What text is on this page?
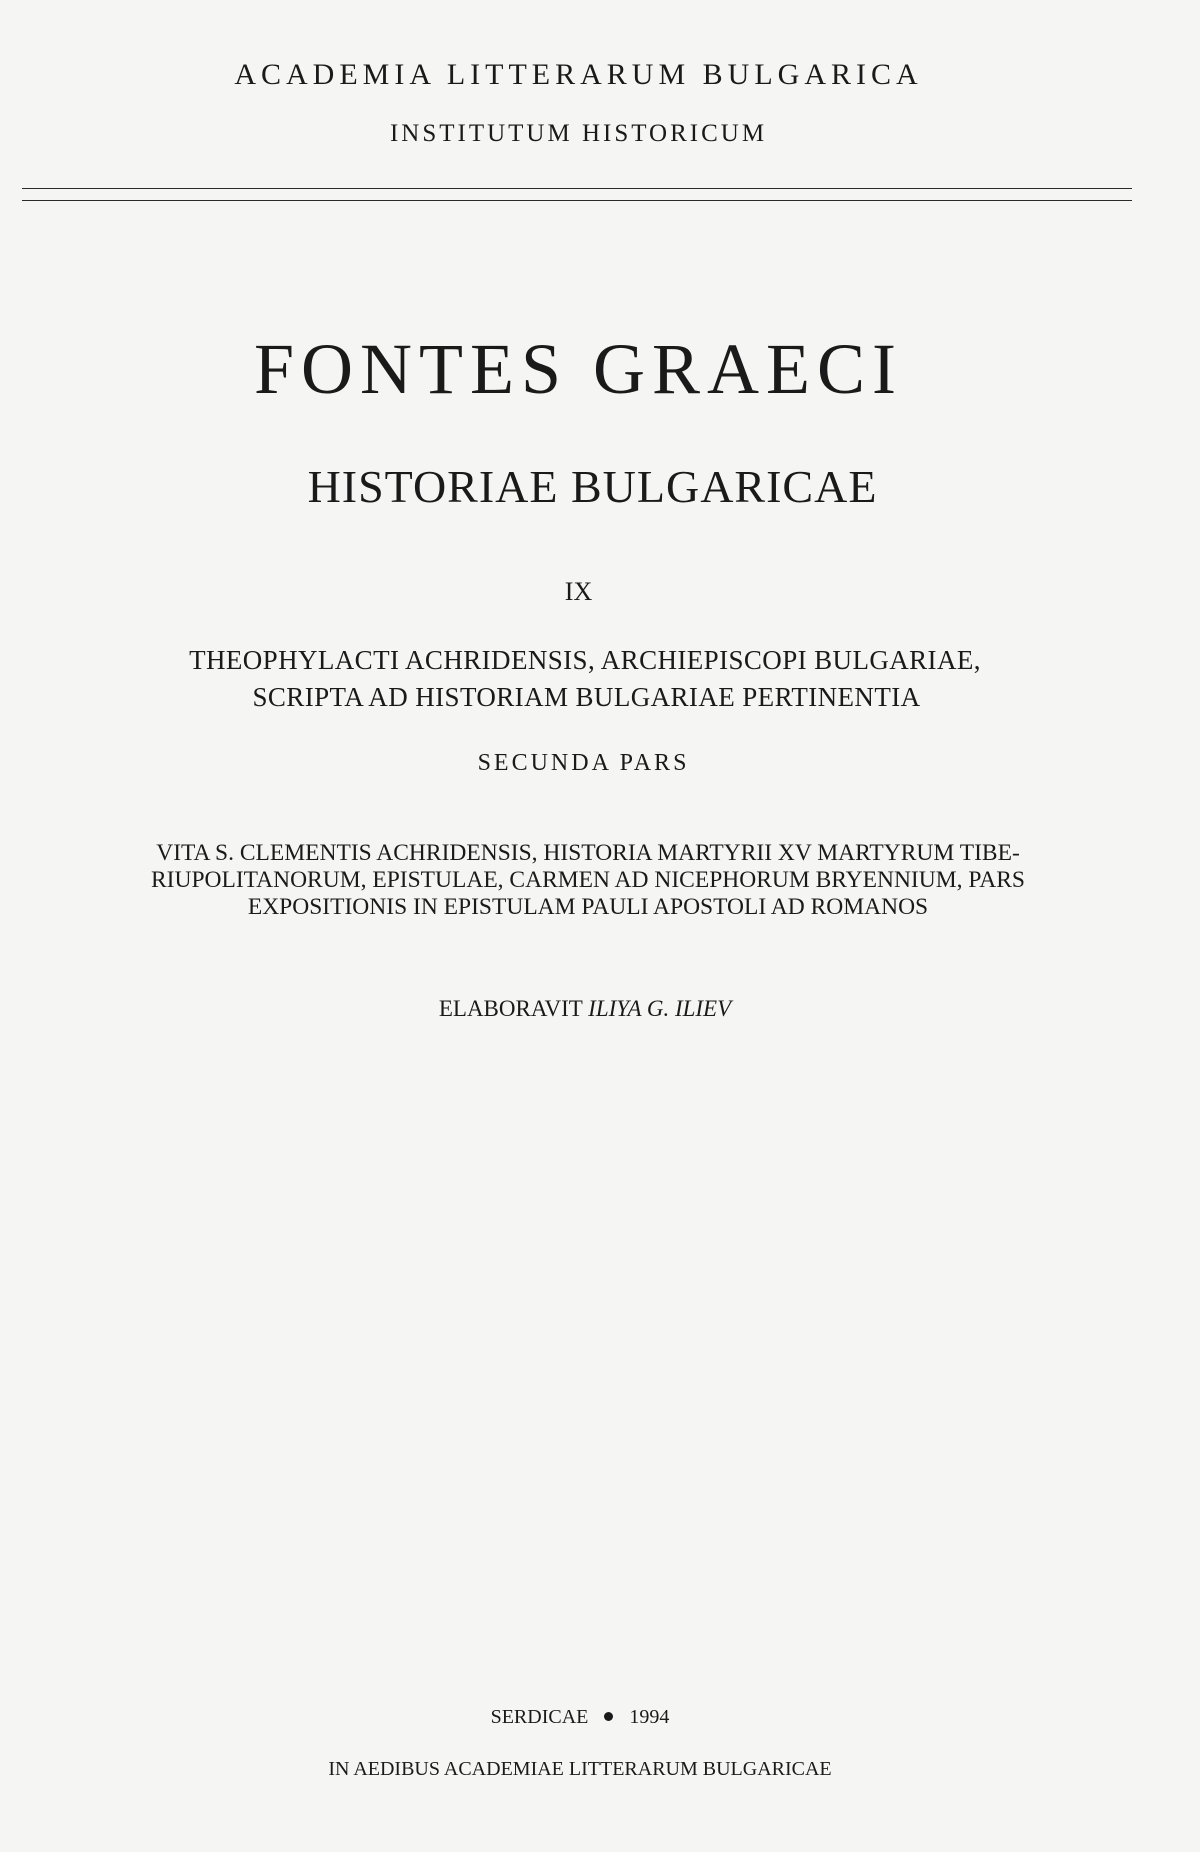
ACADEMIA LITTERARUM BULGARICA
INSTITUTUM HISTORICUM
FONTES GRAECI
HISTORIAE BULGARICAE
IX
THEOPHYLACTI ACHRIDENSIS, ARCHIEPISCOPI BULGARIAE,
SCRIPTA AD HISTORIAM BULGARIAE PERTINENTIA
SECUNDA PARS
VITA S. CLEMENTIS ACHRIDENSIS, HISTORIA MARTYRII XV MARTYRUM TIBE-
RIUPOLITANORUM, EPISTULAE, CARMEN AD NICEPHORUM BRYENNIUM, PARS
EXPOSITIONIS IN EPISTULAM PAULI APOSTOLI AD ROMANOS
ELABORAVIT ILIYA G. ILIEV
SERDICAE 1994
IN AEDIBUS ACADEMIAE LITTERARUM BULGARICAE
